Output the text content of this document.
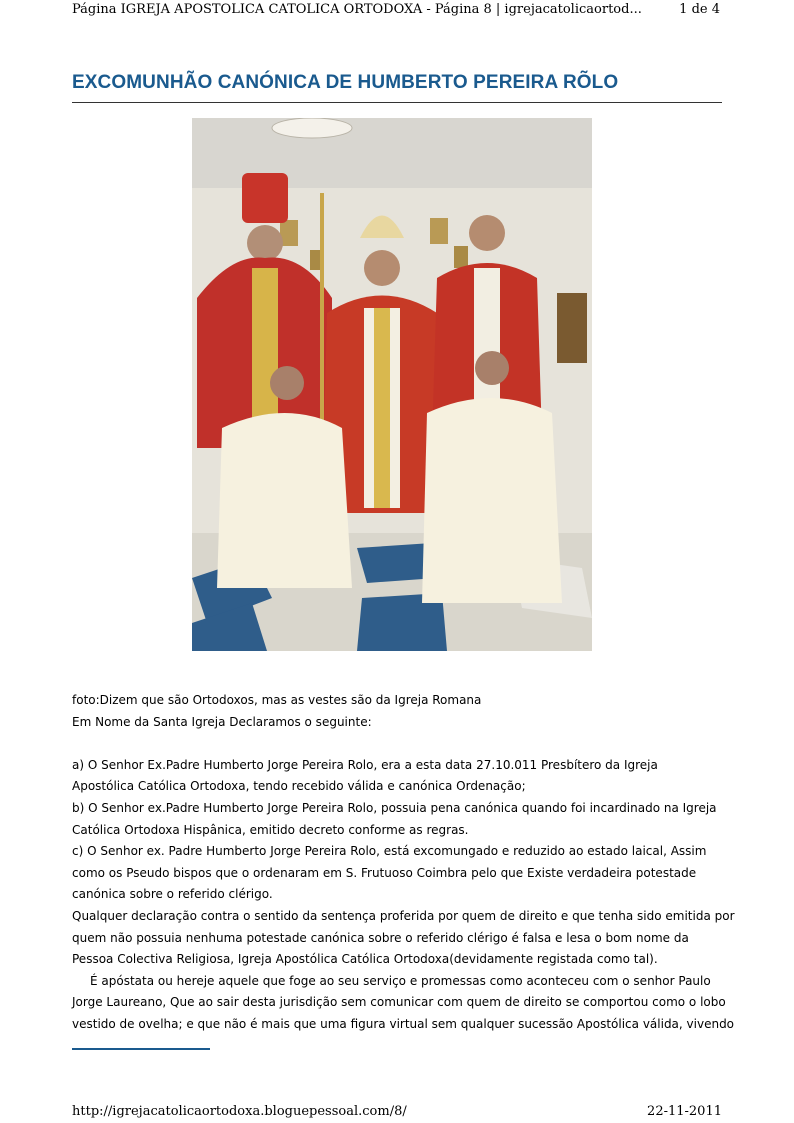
Página IGREJA APOSTOLICA CATOLICA ORTODOXA - Página 8 | igrejacatolicaortod...	1 de 4
EXCOMUNHÃO CANÓNICA DE HUMBERTO PEREIRA RÕLO

foto:Dizem que são Ortodoxos, mas as vestes são da Igreja Romana

Em Nome da Santa Igreja Declaramos o seguinte:

a) O Senhor Ex.Padre Humberto Jorge Pereira Rolo, era a esta data 27.10.011 Presbítero da Igreja

Apostólica Católica Ortodoxa, tendo recebido válida e canónica Ordenação;

b) O Senhor ex.Padre Humberto Jorge Pereira Rolo, possuia pena canónica quando foi incardinado na Igreja

Católica Ortodoxa Hispânica, emitido decreto conforme as regras.

c) O Senhor ex. Padre Humberto Jorge Pereira Rolo, está excomungado e reduzido ao estado laical, Assim

como os Pseudo bispos que o ordenaram em S. Frutuoso Coimbra pelo que Existe verdadeira potestade

canónica sobre o referido clérigo.

Qualquer declaração contra o sentido da sentença proferida por quem de direito e que tenha sido emitida por

quem não possuia nenhuma potestade canónica sobre o referido clérigo é falsa e lesa o bom nome da

Pessoa Colectiva Religiosa, Igreja Apostólica Católica Ortodoxa(devidamente registada como tal).

É apóstata ou hereje aquele que foge ao seu serviço e promessas como aconteceu com o senhor Paulo

Jorge Laureano, Que ao sair desta jurisdição sem comunicar com quem de direito se comportou como o lobo

vestido de ovelha; e que não é mais que uma figura virtual sem qualquer sucessão Apostólica válida, vivendo

http://igrejacatolicaortodoxa.bloguepessoal.com/8/	22-11-2011
